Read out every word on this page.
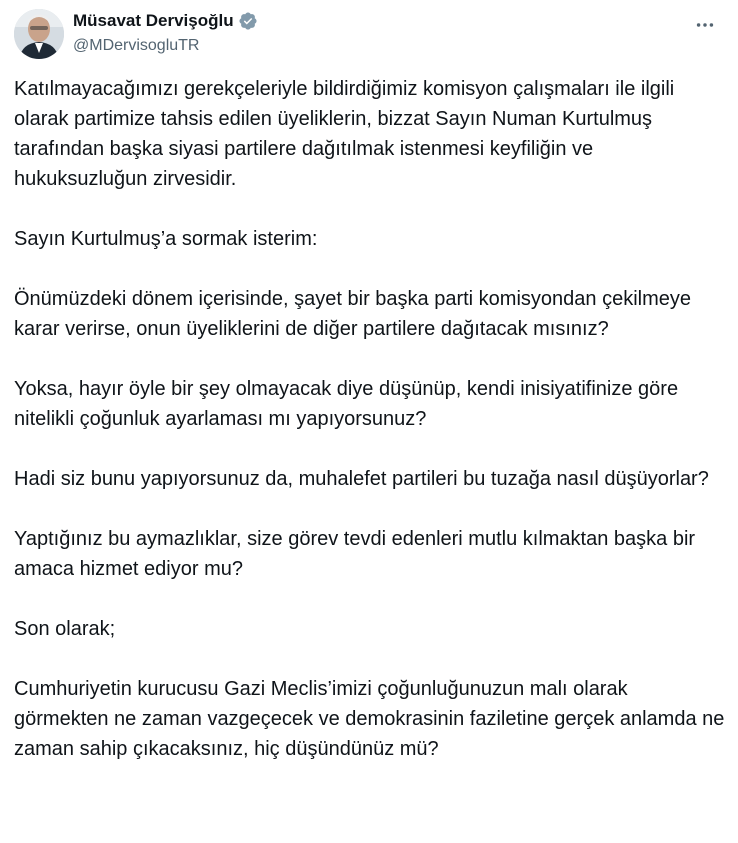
Müsavat Dervişoğlu
@MDervisogluTR

Katılmayacağımızı gerekçeleriyle bildirdiğimiz komisyon çalışmaları ile ilgili olarak partimize tahsis edilen üyeliklerin, bizzat Sayın Numan Kurtulmuş tarafından başka siyasi partilere dağıtılmak istenmesi keyfiliğin ve hukuksuzluğun zirvesidir.

Sayın Kurtulmuş’a sormak isterim:

Önümüzdeki dönem içerisinde, şayet bir başka parti komisyondan çekilmeye karar verirse, onun üyeliklerini de diğer partilere dağıtacak mısınız?

Yoksa, hayır öyle bir şey olmayacak diye düşünüp, kendi inisiyatifinize göre nitelikli çoğunluk ayarlaması mı yapıyorsunuz?

Hadi siz bunu yapıyorsunuz da, muhalefet partileri bu tuzağa nasıl düşüyorlar?

Yaptığınız bu aymazlıklar, size görev tevdi edenleri mutlu kılmaktan başka bir amaca hizmet ediyor mu?

Son olarak;

Cumhuriyetin kurucusu Gazi Meclis’imizi çoğunluğunuzun malı olarak görmekten ne zaman vazgeçecek ve demokrasinin faziletine gerçek anlamda ne zaman sahip çıkacaksınız, hiç düşündünüz mü?
